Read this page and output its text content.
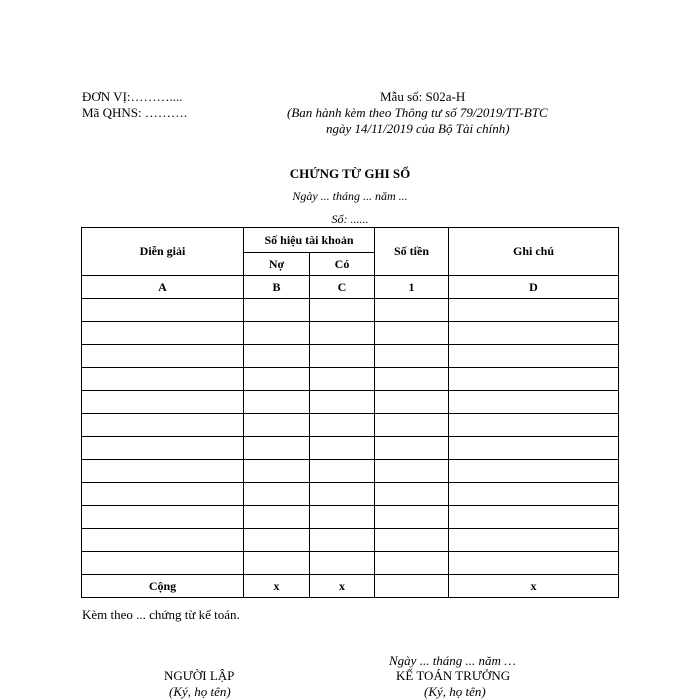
ĐƠN VỊ:………....
Mã QHNS: ……….
Mẫu số: S02a-H
(Ban hành kèm theo Thông tư số 79/2019/TT-BTC
ngày 14/11/2019 của Bộ Tài chính)
CHỨNG TỪ GHI SỔ
Ngày ... tháng ... năm ...
Số: ......
Diễn giải	Số hiệu tài khoản		Số tiền	Ghi chú
	Nợ	Có		
A	B	C	1	D

Cộng	x	x		x
Kèm theo ... chứng từ kế toán.
Ngày ... tháng ... năm …
NGƯỜI LẬP
(Ký, họ tên)
KẾ TOÁN TRƯỞNG
(Ký, họ tên)
